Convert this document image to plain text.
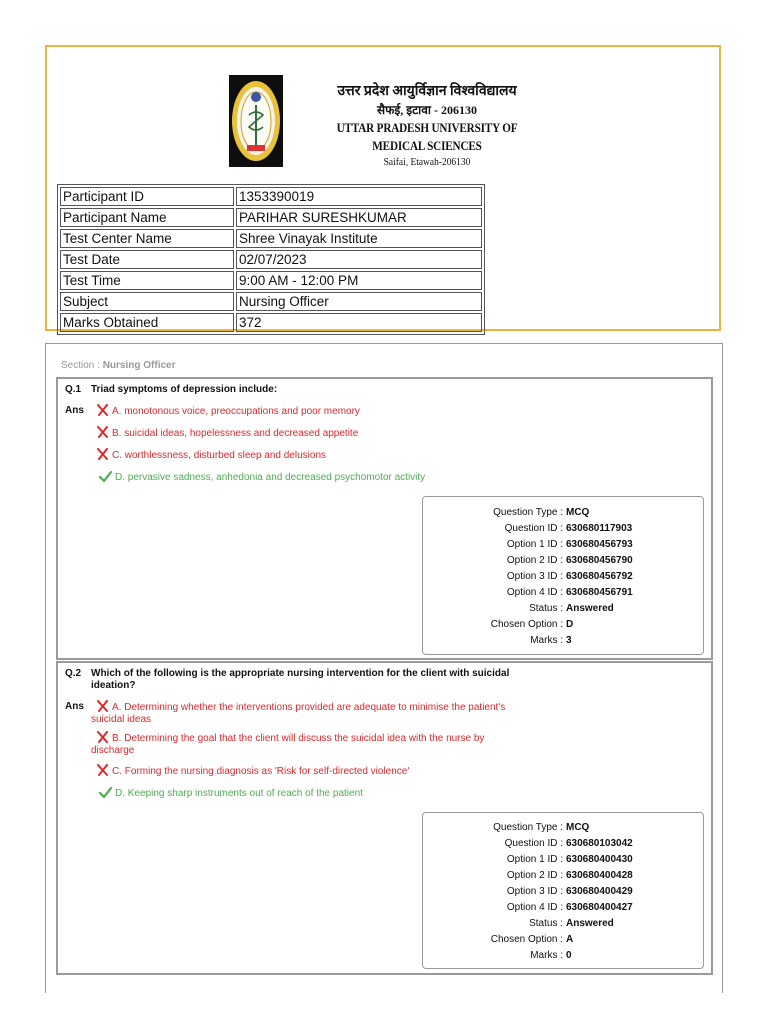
उत्तर प्रदेश आयुर्विज्ञान विश्वविद्यालय
सैफई, इटावा - 206130
UTTAR PRADESH UNIVERSITY OF MEDICAL SCIENCES
Saifai, Etawah-206130
Participant ID	1353390019
Participant Name	PARIHAR SURESHKUMAR
Test Center Name	Shree Vinayak Institute
Test Date	02/07/2023
Test Time	9:00 AM - 12:00 PM
Subject	Nursing Officer
Marks Obtained	372
Section : Nursing Officer
Q.1 Triad symptoms of depression include:
Ans	A. monotonous voice, preoccupations and poor memory
B. suicidal ideas, hopelessness and decreased appetite
C. worthlessness, disturbed sleep and delusions
D. pervasive sadness, anhedonia and decreased psychomotor activity
Question Type : MCQ
Question ID : 630680117903
Option 1 ID : 630680456793
Option 2 ID : 630680456790
Option 3 ID : 630680456792
Option 4 ID : 630680456791
Status : Answered
Chosen Option : D
Marks : 3
Q.2 Which of the following is the appropriate nursing intervention for the client with suicidal ideation?
Ans	A. Determining whether the interventions provided are adequate to minimise the patient's suicidal ideas
B. Determining the goal that the client will discuss the suicidal idea with the nurse by discharge
C. Forming the nursing diagnosis as 'Risk for self-directed violence'
D. Keeping sharp instruments out of reach of the patient
Question Type : MCQ
Question ID : 630680103042
Option 1 ID : 630680400430
Option 2 ID : 630680400428
Option 3 ID : 630680400429
Option 4 ID : 630680400427
Status : Answered
Chosen Option : A
Marks : 0
